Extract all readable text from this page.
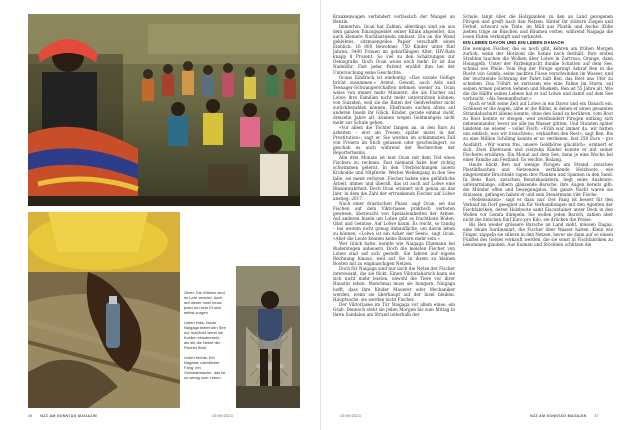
Oben: Die Witwen sind im Lehr verwirrt, doch auf dieser insel muss jeder um sein Er sich selbst sorgen

Unten links: Nosie Naigaga bietet den See nur maßholz wenn sie Kosten einsammeln, als sie die Netze der Fischer flickt

Unten rechts: Ein Nagaba; nächtlicher Fang; ein Victoriabarsche, das ist so wenig zum Leben

36 NZZ AM SONNTAG MAGAZIN	10/09/2023

Krankenwagen verhindert verlässlich der Mangel an Benzin.

Immerhin: Ocan hat Zahlen, allerdings sind sie aus dem ganzen Einzugsgebiet seiner Klinik abgeleitet, das auch kleinere Nachbarinseln umfasst. Ein an die Wand geklebtes, sitzmaengelles Papier verschafft einen Einblick: 16 800 Bewohner, 750 Kinder unter fünf Jahren, 3400 Frauen im gebärfähigen Alter, HIV-Rate knapp 8 Prozent. So viel zu den Schätzungen zur Demografie. Doch Ocan weiss noch mehr. Er ist das Nadelöhr. Fast jeder Patient erzählt ihm bei der Untersuchung seine Geschichte.

Ocans Eindruck ist eindeutig: «Das soziale Gefüge bricht zusammen.» Armut, Gewalt, auch Aids und Teenager-Schwangerschaften nehmen wieder zu. Ocan weiss von immer mehr Männern, die als Fischer auf Lolwe ihre Familien nicht mehr unterstützen können, von Suiziden, weil sie die Raten der Geldverleiher nicht zurückbezahlen können. Ehefrauen suchen allein auf anderen Inseln ihr Glück, Kinder, gerade einmal zwölf, dreizehn Jahre alt, können wegen Geldmangels nicht mehr zur Schule gehen.

«Vor allem die Töchter fangen an, in den Bars zu arbeiten – erst am Tresen, später meist in der Prostitution», sagt er. Sie werden im schlimmsten Fall von Freiern im Stich gelassen oder geschwängert, so geschah es auch während der Recherchen der Reporterteams.

Alle drei Monate ist laut Ocan mit dem Tod eines Fischers zu rechnen. Fast niemand habe hier richtig schwimmen gelernt. In den Uferböschungen lauern Krokodile und Nilpferde. Werbei Wellengang in den See falle, sei meist verloren. Fischer haben eine gefährliche Arbeit, immer und überall, das ist auch auf Lolwe eine Binsenwahrheit. Doch Ocan erinnert sich genau an das Jahr, in dem die Zahl der ertrunkenen Fischer auf Lolwe anstieg: 2017.

Nach einer drastischen Phase, sagt Ocan, sei das Fischen auf dem Viktoriasee praktisch verboten gewesen, überwacht von Spezialeinheiten der Armee. Auf anderen Inseln um Lolwe gibt es fruchtbare Böden, Obst und Gemüse. Auf Lolwe kaum. Es reicht, so randig – bei weitem nicht genug Anbaufläche, um davon leben zu können. «Lolwe ist ein Acker der Seen», sagt Ocan. «Aber die Leute können keine Bauern mehr sein.»

Wer Glück hatte, konnte wie Naigaga Ehemann bei Ruderstegen anheuern. Doch die meisten Fischer von Lolwe sind auf sich gestellt. Sie fahren auf eigene Rechnung hinaus, weil auf Sie in ihrem zu kleinen Booten mit zu engmaschigen Netzen.

Doch für Naigaga sind nur noch die Netze der Fischer interessant, die sie flickt. Einen Viktoriabarsch kann sie sich nicht mehr leisten, obwohl die Tiere vor ihrer Haustür leben. Manchmal muss sie hungern. Naigaga hofft, dass ihre Kinder Mauerer oder Mechaniker werden, wenn sie überhaupt auf der Insel bleiben. Hauptsache, sie werden nicht Fischer.

Der Viktoriasee im Tür Naigaga vor allem eines: ein Grab. Dennoch steht sie jeden Morgen bis zum Mittag in ihren Sandalen am Strand unterhalb der

Schule, lanpt über die Holzplanken zu den an Land gezogenen Pirogen und greift nach den Netzen. Hinter ihr stöbern Ziegen und Ferkel, schwarz wie Tinte, im Müll aus Plastik und Asche. Kühe ziehen träge an Büschen und Bäumen vorbei, während Naigaga die losen Fäden verknüpft und verknotet.

EIN LEBEN DAVON UND EIN LEBEN DANACH

Die wenigen Fischer, die es noch gibt, kehren am frühen Morgen zurück, wenn der Horizont die Sonne noch festhält. Ihre ersten Strahlen tauchen die Wolken über Lolwe in Zartrosa, Orange, dann Honiggelb. Unter der Farbenpracht dunkle Schatten auf dem See, schmal wie Pfeile. Vom Bug der Piroge springt Ashraf Ben in die Bucht von Gomfa, seine nackten Füsse verschwinden im Wasser, und der leuchtende Schwung der Fahrt hält Ben, das Boot ans Ufer zu schieben. Das T-Shirt ist zerrissen wie eine Fahne im Sturm, auf seinen Armen polieren Sehnen und Muskeln. Ben ist 55 Jahre alt. Wie die die Hälfte seines Lebens hat er auf Lolwe und damit auf dem See verbracht. «Als Seemanfischer.»

Auch er teilt seine Zeit auf Lolwe in ein Davor und ein Danach ein. Schliesst er die Augen, sähe er die Bilder, in denen er einen gesamten Strandabschnitt alleine konnte, ohne den Sand zu berühren, vom Boot zu Boot konnte er steigen, weil zweihundert Pirogen entlang sich nebeneinander, bevor sie alle ins Wasser glitten. Und Stunden später landeten sie wieder – voller Fisch. «Früh war immer da, wir hatten uns einfach, was wir brauchten», verkauften den Rest», sagt Ben. Bis zu eine Million Schilling konnte er so verdienen, fast 250 Euro – pro Ausfahrt. «Wir waren frei, unsere Geldbörse glücklich», erinnert er sich. Zwei Ehefrauen und vierzehn Kinder konnte er mit seiner Fischerei ernähren. Ein Monat auf dem See, dann je eine Woche bei einer Familie am Festland: Es reichte. Bislang.

Heute blickt Ben auf wenige Pirogen am Strand, zwischen Plastikflaschen und Netzenden zerfallende Holzboote, wie eingetrennte Bruchteile ragen ihre Planken und Spanten in den Sand. In Bens Boot, zwischen Benzinkanistern, liegt seine Ausbeute: unterarmlange, silbern glänzende Barsche, ihre Augen bereits gilb, die Münder offen und bewegungslos. Die ganze Nacht waren sie draussen, gefangen haben er und sein Steuermann vier Fische.

«Nebensaison», sagt er dazu nur. Der Fang ist besser für den Verkauf im Dorf geeignet als für Verhandlungen mit den Agenten der Fischfabriken, deren Holzboote samt Eiscontainer unter Deck in den Wellen vor Gomfa dümpeln. Sie wollen jeden Barsch, zahlen aber nicht die üblichen fünf Euro pro Kilo, sie drücken die Preise.

Bis Ben wieder grössere Barsche an Land zieht, müssen Dagaa, eine lokale Sardinenart, die Fischer über Wasser halten. Klein wie Finger, zappeln sie silbern in den Netzen, bevor sie dann auf so einem Fünftel des Geldes verkauft werden, die sie sonst in Fischfabriken zu bekommen glauben. Aus Kaimen und Stöcklein schlitzen die

10/09/2023	NZZ AM SONNTAG MAGAZIN 37
